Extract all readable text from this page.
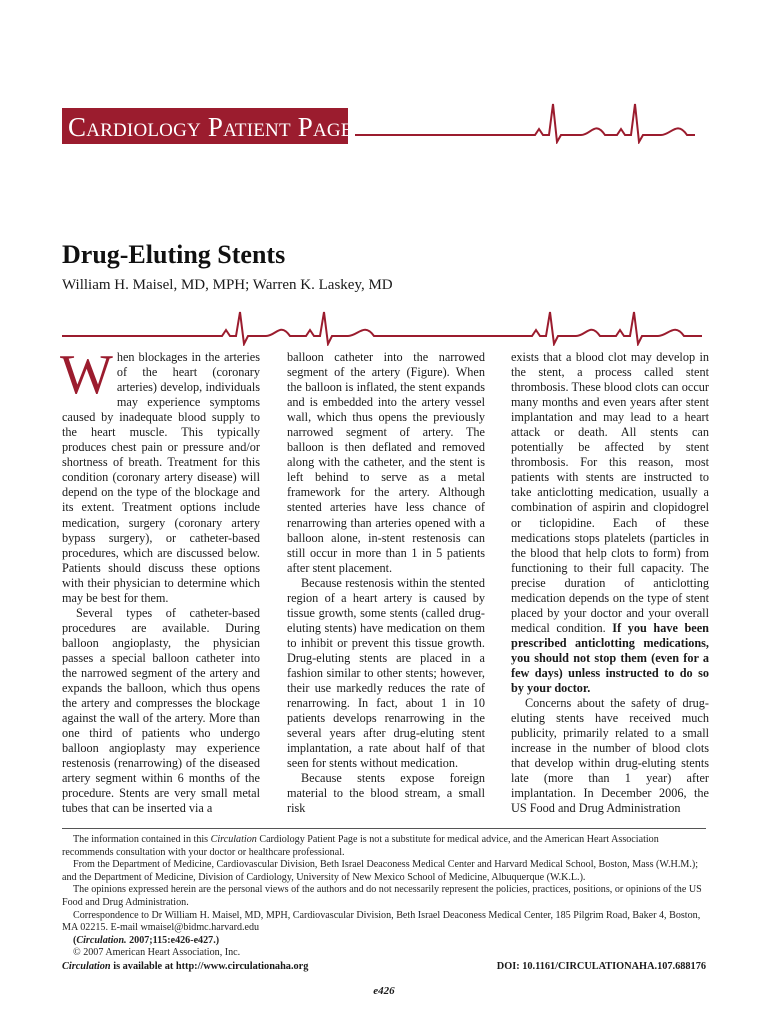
Cardiology Patient Page
Drug-Eluting Stents
William H. Maisel, MD, MPH; Warren K. Laskey, MD
W hen blockages in the arteries of the heart (coronary arteries) develop, individuals may experience symptoms caused by inadequate blood supply to the heart muscle. This typically produces chest pain or pressure and/or shortness of breath. Treatment for this condition (coronary artery disease) will depend on the type of the blockage and its extent. Treatment options include medication, surgery (coronary artery bypass surgery), or catheter-based procedures, which are discussed below. Patients should discuss these options with their physician to determine which may be best for them.

Several types of catheter-based procedures are available. During balloon angioplasty, the physician passes a special balloon catheter into the narrowed segment of the artery and expands the balloon, which thus opens the artery and compresses the blockage against the wall of the artery. More than one third of patients who undergo balloon angioplasty may experience restenosis (renarrowing) of the diseased artery segment within 6 months of the procedure. Stents are very small metal tubes that can be inserted via a

balloon catheter into the narrowed segment of the artery (Figure). When the balloon is inflated, the stent expands and is embedded into the artery vessel wall, which thus opens the previously narrowed segment of artery. The balloon is then deflated and removed along with the catheter, and the stent is left behind to serve as a metal framework for the artery. Although stented arteries have less chance of renarrowing than arteries opened with a balloon alone, in-stent restenosis can still occur in more than 1 in 5 patients after stent placement.

Because restenosis within the stented region of a heart artery is caused by tissue growth, some stents (called drug-eluting stents) have medication on them to inhibit or prevent this tissue growth. Drug-eluting stents are placed in a fashion similar to other stents; however, their use markedly reduces the rate of renarrowing. In fact, about 1 in 10 patients develops renarrowing in the several years after drug-eluting stent implantation, a rate about half of that seen for stents without medication.

Because stents expose foreign material to the blood stream, a small risk

exists that a blood clot may develop in the stent, a process called stent thrombosis. These blood clots can occur many months and even years after stent implantation and may lead to a heart attack or death. All stents can potentially be affected by stent thrombosis. For this reason, most patients with stents are instructed to take anticlotting medication, usually a combination of aspirin and clopidogrel or ticlopidine. Each of these medications stops platelets (particles in the blood that help clots to form) from functioning to their full capacity. The precise duration of anticlotting medication depends on the type of stent placed by your doctor and your overall medical condition. If you have been prescribed anticlotting medications, you should not stop them (even for a few days) unless instructed to do so by your doctor.

Concerns about the safety of drug-eluting stents have received much publicity, primarily related to a small increase in the number of blood clots that develop within drug-eluting stents late (more than 1 year) after implantation. In December 2006, the US Food and Drug Administration

The information contained in this Circulation Cardiology Patient Page is not a substitute for medical advice, and the American Heart Association recommends consultation with your doctor or healthcare professional.

From the Department of Medicine, Cardiovascular Division, Beth Israel Deaconess Medical Center and Harvard Medical School, Boston, Mass (W.H.M.); and the Department of Medicine, Division of Cardiology, University of New Mexico School of Medicine, Albuquerque (W.K.L.).

The opinions expressed herein are the personal views of the authors and do not necessarily represent the policies, practices, positions, or opinions of the US Food and Drug Administration.

Correspondence to Dr William H. Maisel, MD, MPH, Cardiovascular Division, Beth Israel Deaconess Medical Center, 185 Pilgrim Road, Baker 4, Boston, MA 02215. E-mail wmaisel@bidmc.harvard.edu

(Circulation. 2007;115:e426-e427.)

© 2007 American Heart Association, Inc.

Circulation is available at http://www.circulationaha.org	DOI: 10.1161/CIRCULATIONAHA.107.688176
e426
